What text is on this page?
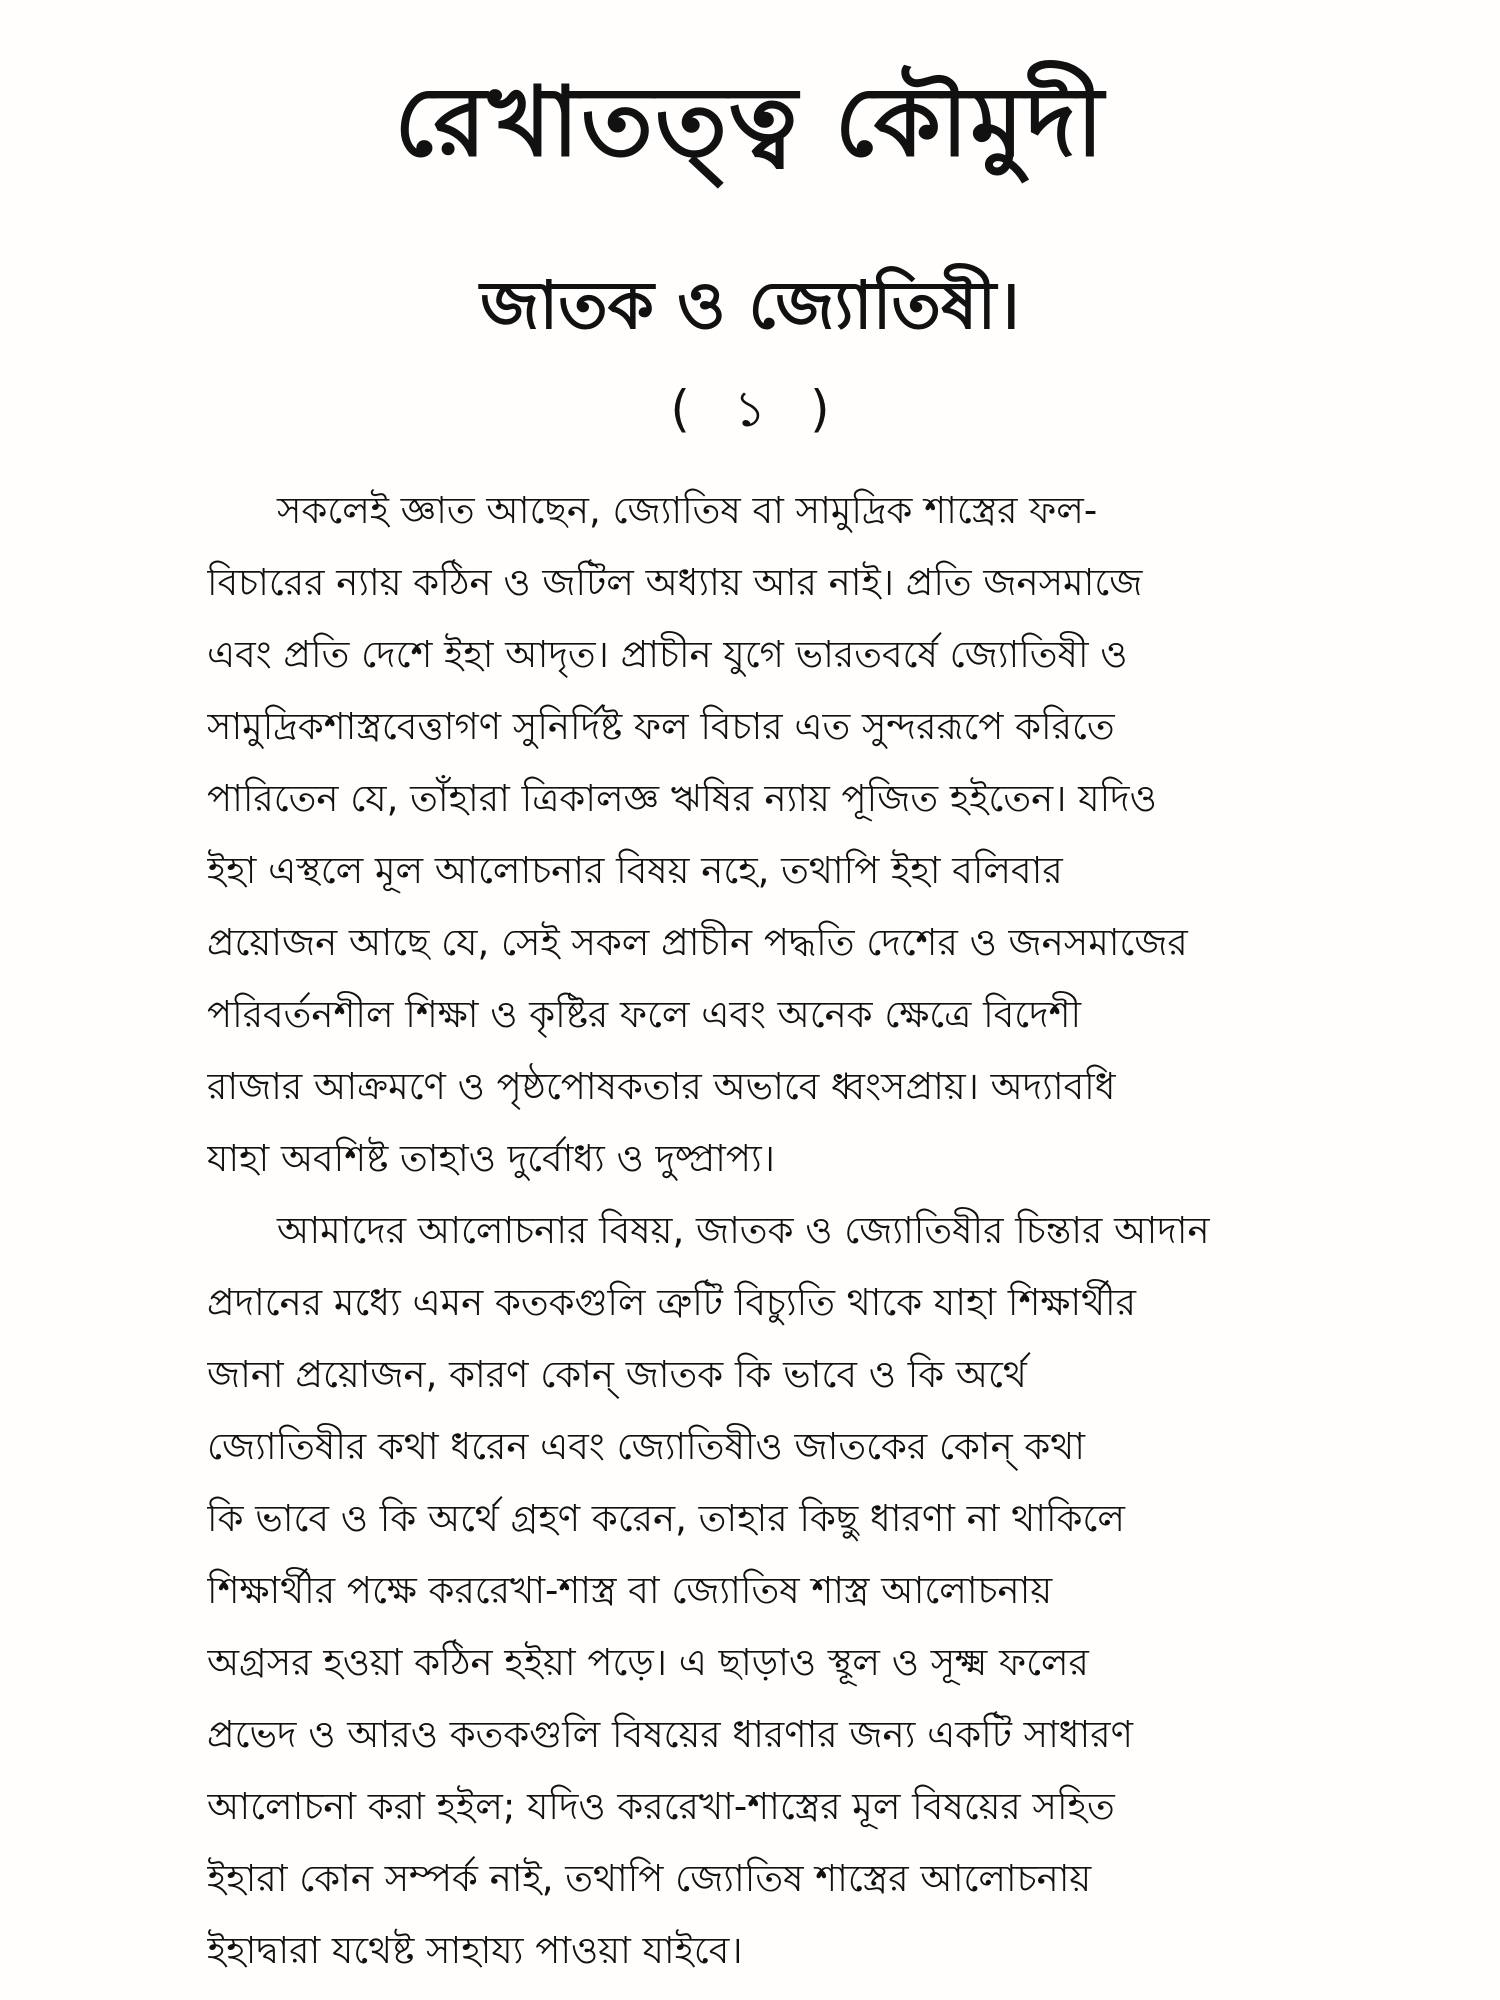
রেখাতত্ত্ব কৌমুদী
জাতক ও জ্যোতিষী।
( ১ )
সকলেই জ্ঞাত আছেন, জ্যোতিষ বা সামুদ্রিক শাস্ত্রের ফল-
বিচারের ন্যায় কঠিন ও জটিল অধ্যায় আর নাই। প্রতি জনসমাজে
এবং প্রতি দেশে ইহা আদৃত। প্রাচীন যুগে ভারতবর্ষে জ্যোতিষী ও
সামুদ্রিকশাস্ত্রবেত্তাগণ সুনির্দিষ্ট ফল বিচার এত সুন্দররূপে করিতে
পারিতেন যে, তাঁহারা ত্রিকালজ্ঞ ঋষির ন্যায় পূজিত হইতেন। যদিও
ইহা এস্থলে মূল আলোচনার বিষয় নহে, তথাপি ইহা বলিবার
প্রয়োজন আছে যে, সেই সকল প্রাচীন পদ্ধতি দেশের ও জনসমাজের
পরিবর্তনশীল শিক্ষা ও কৃষ্টির ফলে এবং অনেক ক্ষেত্রে বিদেশী
রাজার আক্রমণে ও পৃষ্ঠপোষকতার অভাবে ধ্বংসপ্রায়। অদ্যাবধি
যাহা অবশিষ্ট তাহাও দুর্বোধ্য ও দুষ্প্রাপ্য।
আমাদের আলোচনার বিষয়, জাতক ও জ্যোতিষীর চিন্তার আদান
প্রদানের মধ্যে এমন কতকগুলি ত্রুটি বিচ্যুতি থাকে যাহা শিক্ষার্থীর
জানা প্রয়োজন, কারণ কোন্ জাতক কি ভাবে ও কি অর্থে
জ্যোতিষীর কথা ধরেন এবং জ্যোতিষীও জাতকের কোন্ কথা
কি ভাবে ও কি অর্থে গ্রহণ করেন, তাহার কিছু ধারণা না থাকিলে
শিক্ষার্থীর পক্ষে কররেখা-শাস্ত্র বা জ্যোতিষ শাস্ত্র আলোচনায়
অগ্রসর হওয়া কঠিন হইয়া পড়ে। এ ছাড়াও স্থূল ও সূক্ষ্ম ফলের
প্রভেদ ও আরও কতকগুলি বিষয়ের ধারণার জন্য একটি সাধারণ
আলোচনা করা হইল; যদিও কররেখা-শাস্ত্রের মূল বিষয়ের সহিত
ইহারা কোন সম্পর্ক নাই, তথাপি জ্যোতিষ শাস্ত্রের আলোচনায়
ইহাদ্বারা যথেষ্ট সাহায্য পাওয়া যাইবে।
